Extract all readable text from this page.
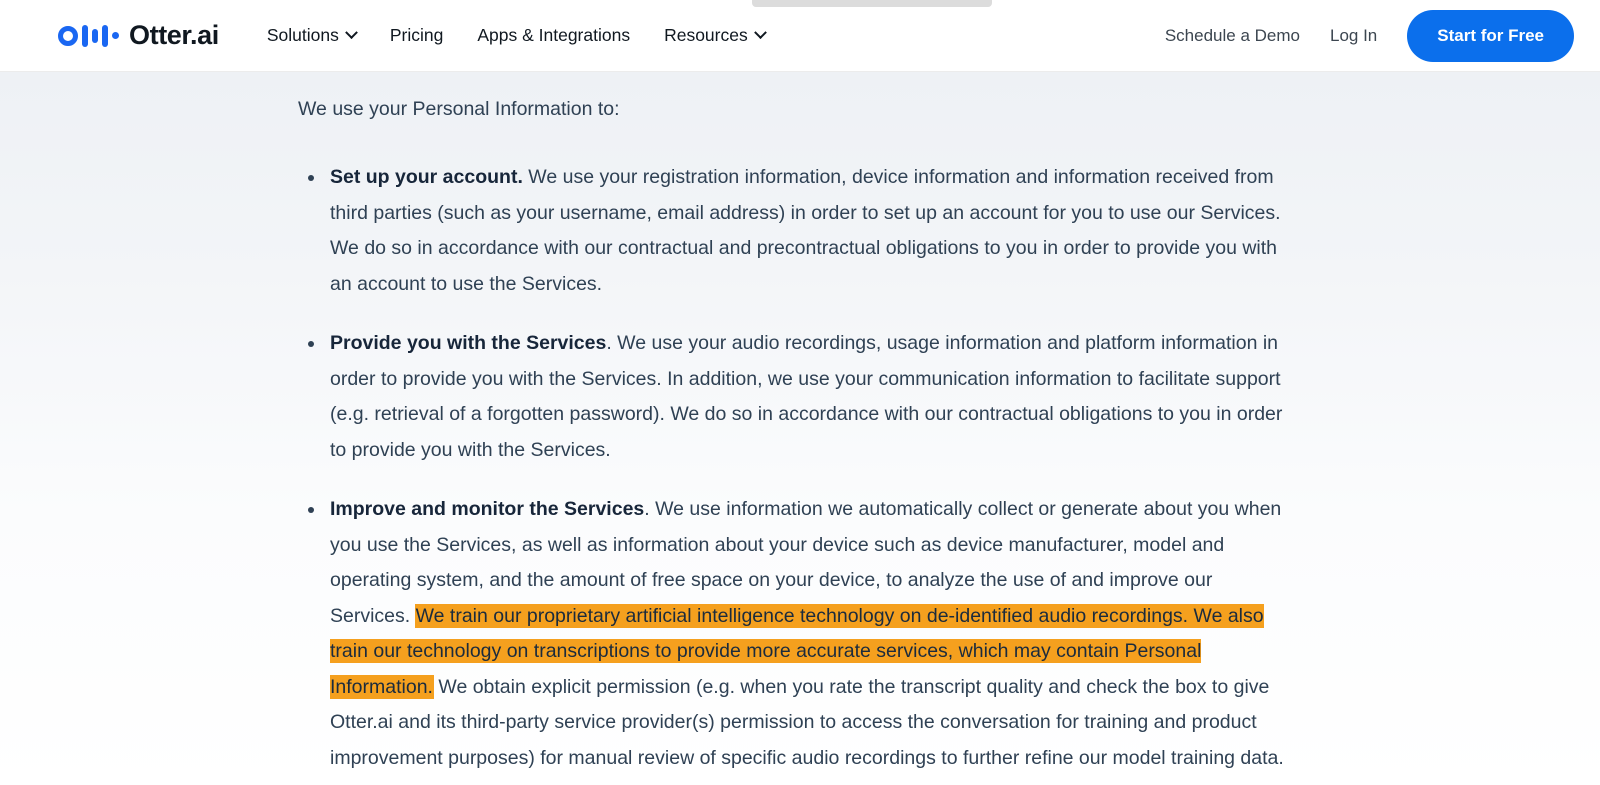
Otter.ai	Solutions	Pricing Apps & Integrations Resources	Schedule a Demo Log In	Start for Free

We use your Personal Information to:

Set up your account. We use your registration information, device information and information received from third parties (such as your username, email address) in order to set up an account for you to use our Services. We do so in accordance with our contractual and precontractual obligations to you in order to provide you with an account to use the Services.
Provide you with the Services. We use your audio recordings, usage information and platform information in order to provide you with the Services. In addition, we use your communication information to facilitate support (e.g. retrieval of a forgotten password). We do so in accordance with our contractual obligations to you in order to provide you with the Services.
Improve and monitor the Services. We use information we automatically collect or generate about you when you use the Services, as well as information about your device such as device manufacturer, model and operating system, and the amount of free space on your device, to analyze the use of and improve our Services. We train our proprietary artificial intelligence technology on de-identified audio recordings. We also train our technology on transcriptions to provide more accurate services, which may contain Personal Information. We obtain explicit permission (e.g. when you rate the transcript quality and check the box to give Otter.ai and its third-party service provider(s) permission to access the conversation for training and product improvement purposes) for manual review of specific audio recordings to further refine our model training data.
